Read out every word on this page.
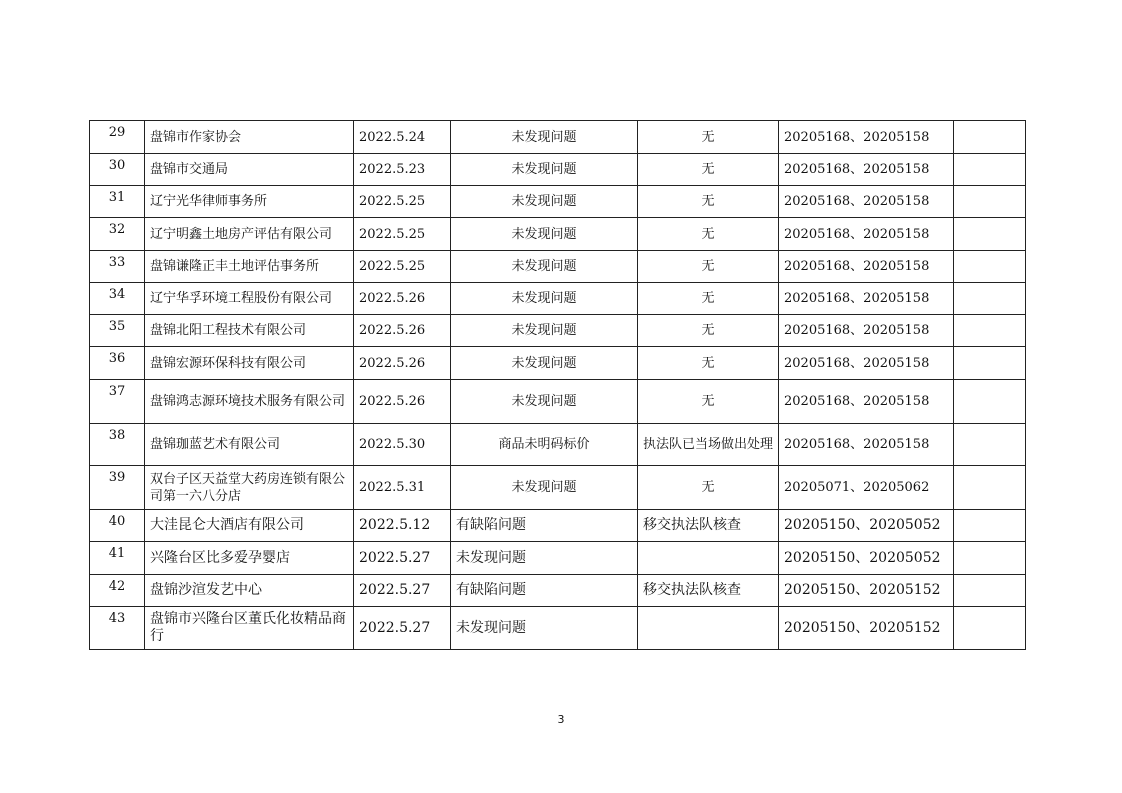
29	盘锦市作家协会	2022.5.24	未发现问题	无	20205168、20205158	
30	盘锦市交通局	2022.5.23	未发现问题	无	20205168、20205158	
31	辽宁光华律师事务所	2022.5.25	未发现问题	无	20205168、20205158	
32	辽宁明鑫土地房产评估有限公司	2022.5.25	未发现问题	无	20205168、20205158	
33	盘锦谦隆正丰土地评估事务所	2022.5.25	未发现问题	无	20205168、20205158	
34	辽宁华孚环境工程股份有限公司	2022.5.26	未发现问题	无	20205168、20205158	
35	盘锦北阳工程技术有限公司	2022.5.26	未发现问题	无	20205168、20205158	
36	盘锦宏源环保科技有限公司	2022.5.26	未发现问题	无	20205168、20205158	
37	盘锦鸿志源环境技术服务有限公司	2022.5.26	未发现问题	无	20205168、20205158	
38	盘锦珈蓝艺术有限公司	2022.5.30	商品未明码标价	执法队已当场做出处理	20205168、20205158	
39	双台子区天益堂大药房连锁有限公司第一六八分店	2022.5.31	未发现问题	无	20205071、20205062	
40	大洼昆仑大酒店有限公司	2022.5.12	有缺陷问题	移交执法队核查	20205150、20205052	
41	兴隆台区比多爱孕婴店	2022.5.27	未发现问题		20205150、20205052	
42	盘锦沙渲发艺中心	2022.5.27	有缺陷问题	移交执法队核查	20205150、20205152	
43	盘锦市兴隆台区董氏化妆精品商行	2022.5.27	未发现问题		20205150、20205152	
3
